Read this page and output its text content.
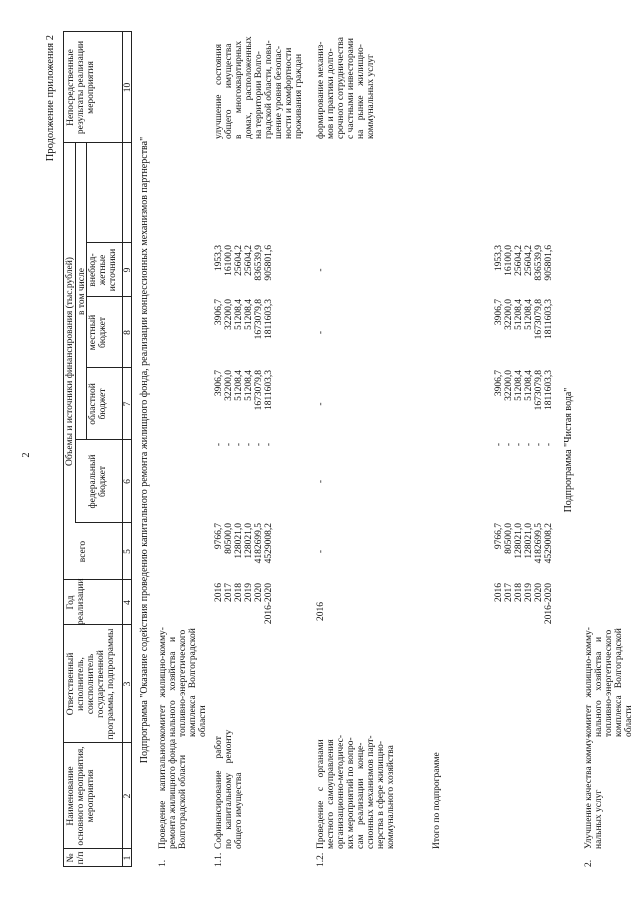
2
Продолжение приложения 2
№
п/п
Наименование
основного мероприятия,
мероприятия
Ответственный
исполнитель,
соисполнитель
государственной
программы, подпрограммы
Год
реализации
Объемы и источники финансирования (тыс.рублей)
всего
в том числе
федеральный
бюджет
областной
бюджет
местный
бюджет
внебюд-
жетные
источники
Непосредственные
результаты реализации
мероприятия
1
2
3
4
5
6
7
8
9
10
Подпрограмма "Оказание содействия проведению капитального ремонта жилищного фонда, реализации концессионных механизмов партнерства"
1.
Проведение    капитального
ремонта жилищного фонда
Волгоградской области
комитет   жилищно-комму-
нального    хозяйства    и
топливно-энергетического
комплекса   Волгоградской
области
1.1.
Софинансирование     работ
по    капитальному    ремонту
общего имущества
2016
2017
2018
2019
2020
2016-2020
9766,7
80500,0
128021,0
128021,0
4182699,5
4529008,2
-
-
-
-
-
-
3906,7
32200,0
51208,4
51208,4
1673079,8
1811603,3
3906,7
32200,0
51208,4
51208,4
1673079,8
1811603,3
1953,3
16100,0
25604,2
25604,2
836539,9
905801,6
улучшение    состояния
общего         имущества
в         многоквартирных
домах,     расположенных
на территории Волго-
градской области, повы-
шение уровня безопас-
ности и комфортности
проживания граждан
1.2.
Проведение    с    органами
местного   самоуправления
организационно-методичес-
ких мероприятий по вопро-
сам    реализации    конце-
ссионных механизмов парт-
нерства в сфере жилищно-
коммунального хозяйства
2016
-
-
-
-
-
формирование механиз-
мов и практики долго-
срочного сотрудничества
с частными инвесторами
на    рынке    жилищно-
коммунальных услуг
Итого по подпрограмме
2016
2017
2018
2019
2020
2016-2020
9766,7
80500,0
128021,0
128021,0
4182699,5
4529008,2
-
-
-
-
-
-
3906,7
32200,0
51208,4
51208,4
1673079,8
1811603,3
3906,7
32200,0
51208,4
51208,4
1673079,8
1811603,3
1953,3
16100,0
25604,2
25604,2
836539,9
905801,6
Подпрограмма "Чистая вода"
2.
Улучшение качества комму-
нальных услуг
комитет   жилищно-комму-
нального    хозяйства    и
топливно-энергетического
комплекса   Волгоградской
области
